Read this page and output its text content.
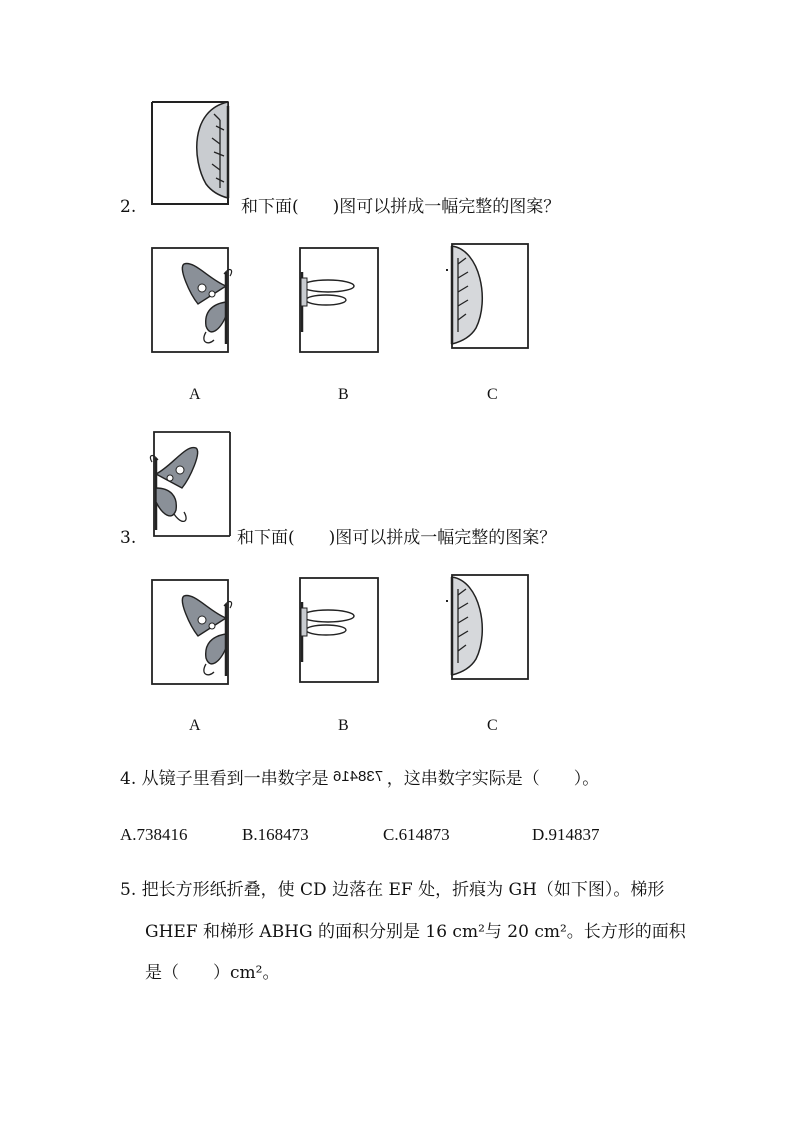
2.	和下面(　　)图可以拼成一幅完整的图案？
A	B	C
3.	和下面(　　)图可以拼成一幅完整的图案？
A	B	C
4. 从镜子里看到一串数字是 738416 ，这串数字实际是（　　）。
A.738416	B.168473	C.614873	D.914837
5. 把长方形纸折叠，使 CD 边落在 EF 处，折痕为 GH（如下图）。梯形
GHEF 和梯形 ABHG 的面积分别是 16 cm²与 20 cm²。长方形的面积
是（　　）cm²。
